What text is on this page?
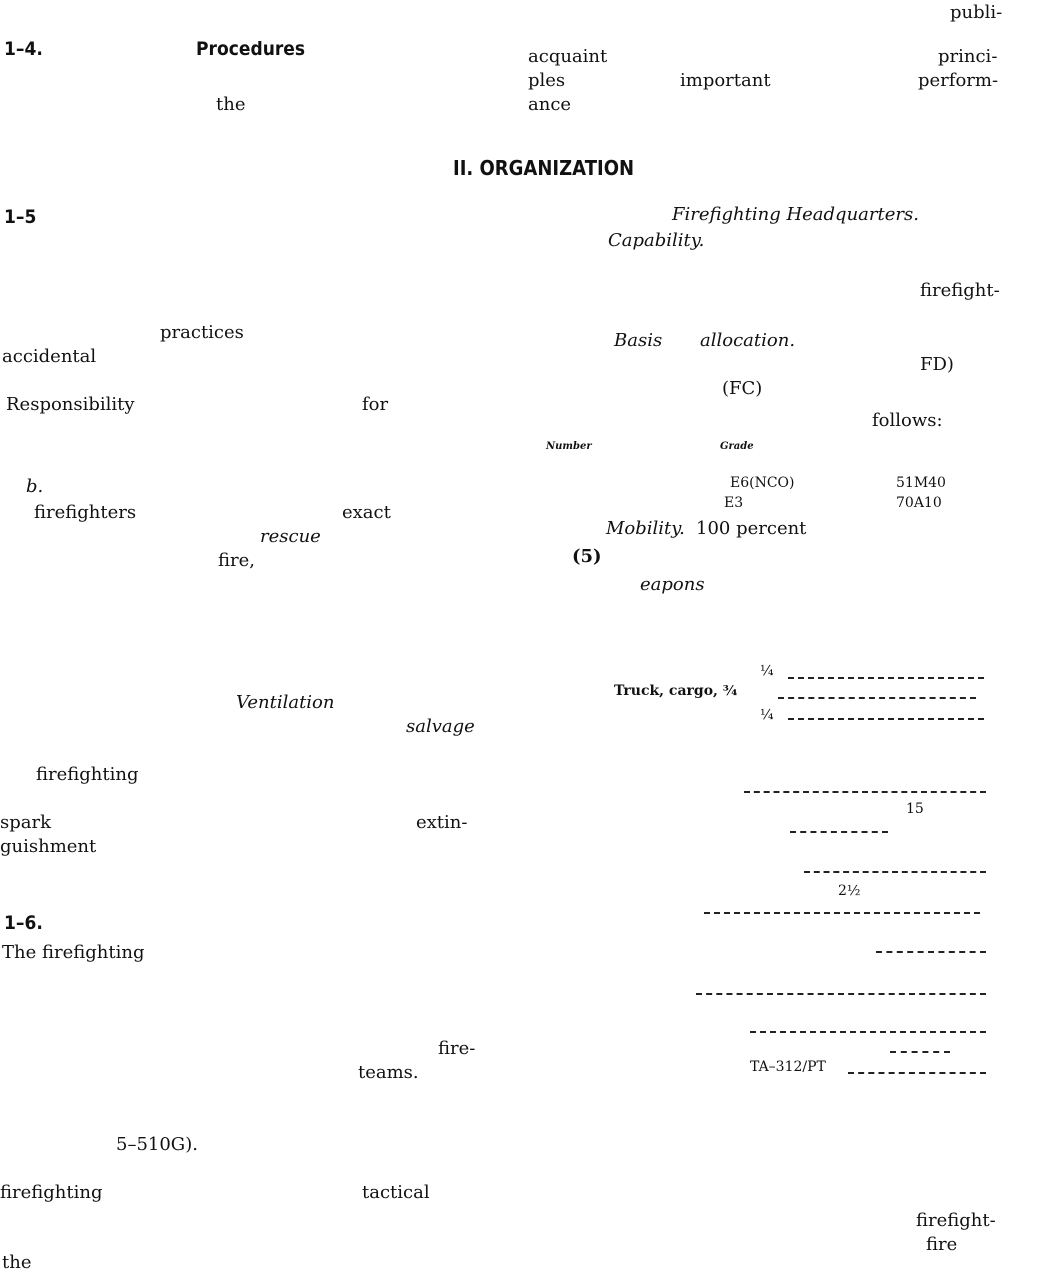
1–4.	Procedures
the
1–5
practices
accidental
Responsibility	for
b.
firefighters	exact
rescue
fire,
Ventilation
salvage
firefighting
spark	extin-
guishment
1–6.
The firefighting
fire-
teams.
5–510G).
firefighting	tactical
the
II. ORGANIZATION
publi-
acquaint	princi-
ples	important	perform-
ance
Firefighting Headquarters.
Capability.
firefight-
Basis allocation.
FD)
(FC)
follows:
Number	Grade
E6(NCO)	51M40
E3	70A10
Mobility. 100 percent
(5)
eapons
¼
Truck, cargo, ¾
¼
15
2½
TA–312/PT
firefight-
fire
